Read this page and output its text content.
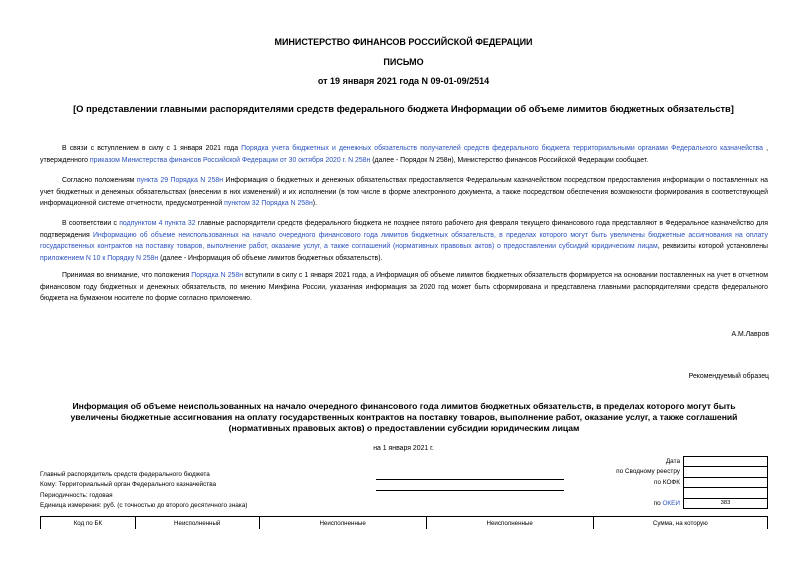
МИНИСТЕРСТВО ФИНАНСОВ РОССИЙСКОЙ ФЕДЕРАЦИИ
ПИСЬМО
от 19 января 2021 года N 09-01-09/2514
[О представлении главными распорядителями средств федерального бюджета Информации об объеме лимитов бюджетных обязательств]
В связи с вступлением в силу с 1 января 2021 года Порядка учета бюджетных и денежных обязательств получателей средств федерального бюджета территориальными органами Федерального казначейства , утвержденного приказом Министерства финансов Российской Федерации от 30 октября 2020 г. N 258н (далее - Порядок N 258н), Министерство финансов Российской Федерации сообщает.
Согласно положениям пункта 29 Порядка N 258н Информация о бюджетных и денежных обязательствах предоставляется Федеральным казначейством посредством предоставления информации о поставленных на учет бюджетных и денежных обязательствах (внесении в них изменений) и их исполнении (в том числе в форме электронного документа, а также посредством обеспечения возможности формирования в соответствующей информационной системе отчетности, предусмотренной пунктом 32 Порядка N 258н).
В соответствии с подпунктом 4 пункта 32 главные распорядители средств федерального бюджета не позднее пятого рабочего дня февраля текущего финансового года представляют в Федеральное казначейство для подтверждения Информацию об объеме неиспользованных на начало очередного финансового года лимитов бюджетных обязательств, в пределах которого могут быть увеличены бюджетные ассигнования на оплату государственных контрактов на поставку товаров, выполнение работ, оказание услуг, а также соглашений (нормативных правовых актов) о предоставлении субсидий юридическим лицам, реквизиты которой установлены приложением N 10 к Порядку N 258н (далее - Информация об объеме лимитов бюджетных обязательств).
Принимая во внимание, что положения Порядка N 258н вступили в силу с 1 января 2021 года, а Информация об объеме лимитов бюджетных обязательств формируется на основании поставленных на учет в отчетном финансовом году бюджетных и денежных обязательств, по мнению Минфина России, указанная информация за 2020 год может быть сформирована и представлена главными распорядителями средств федерального бюджета на бумажном носителе по форме согласно приложению.
А.М.Лавров
Рекомендуемый образец
Информация об объеме неиспользованных на начало очередного финансового года лимитов бюджетных обязательств, в пределах которого могут быть увеличены бюджетные ассигнования на оплату государственных контрактов на поставку товаров, выполнение работ, оказание услуг, а также соглашений (нормативных правовых актов) о предоставлении субсидии юридическим лицам
на 1 января 2021 г.
Главный распорядитель средств федерального бюджета
Кому: Территориальный орган Федерального казначейства
Периодичность: годовая
Единица измерения: руб. (с точностью до второго десятичного знака)
Дата
по Сводному реестру
по КОФК

по ОКЕИ	383
Код по БК	Неисполненный	Неисполненные	Неисполненные	Сумма, на которую
